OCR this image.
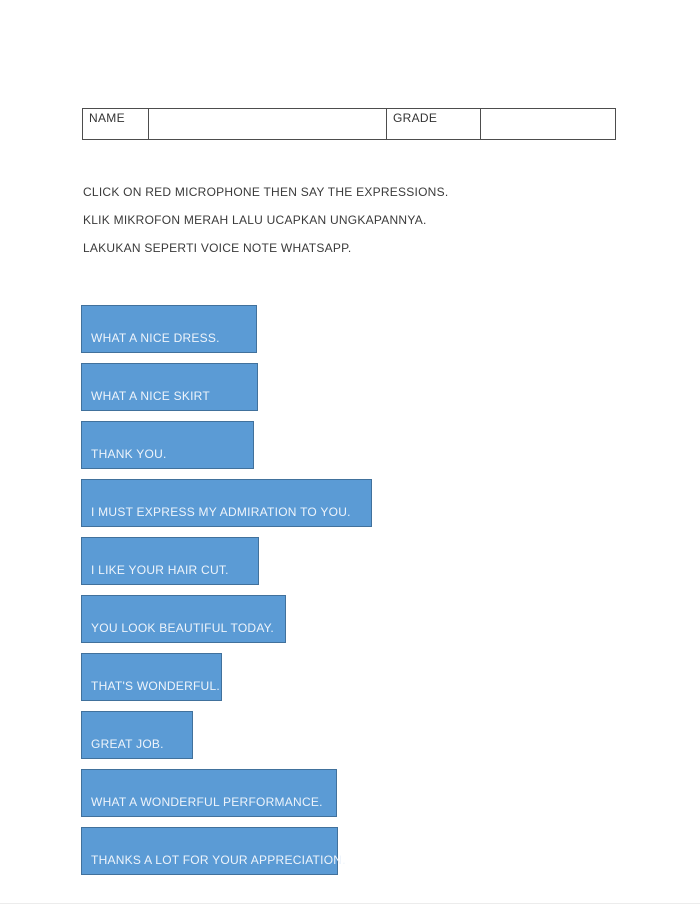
NAME		GRADE	

CLICK ON RED MICROPHONE THEN SAY THE EXPRESSIONS.

KLIK MIKROFON MERAH LALU UCAPKAN UNGKAPANNYA.

LAKUKAN SEPERTI VOICE NOTE WHATSAPP.

WHAT A NICE DRESS.
WHAT A NICE SKIRT
THANK YOU.
I MUST EXPRESS MY ADMIRATION TO YOU.
I LIKE YOUR HAIR CUT.
YOU LOOK BEAUTIFUL TODAY.
THAT'S WONDERFUL.
GREAT JOB.
WHAT A WONDERFUL PERFORMANCE.
THANKS A LOT FOR YOUR APPRECIATION.
